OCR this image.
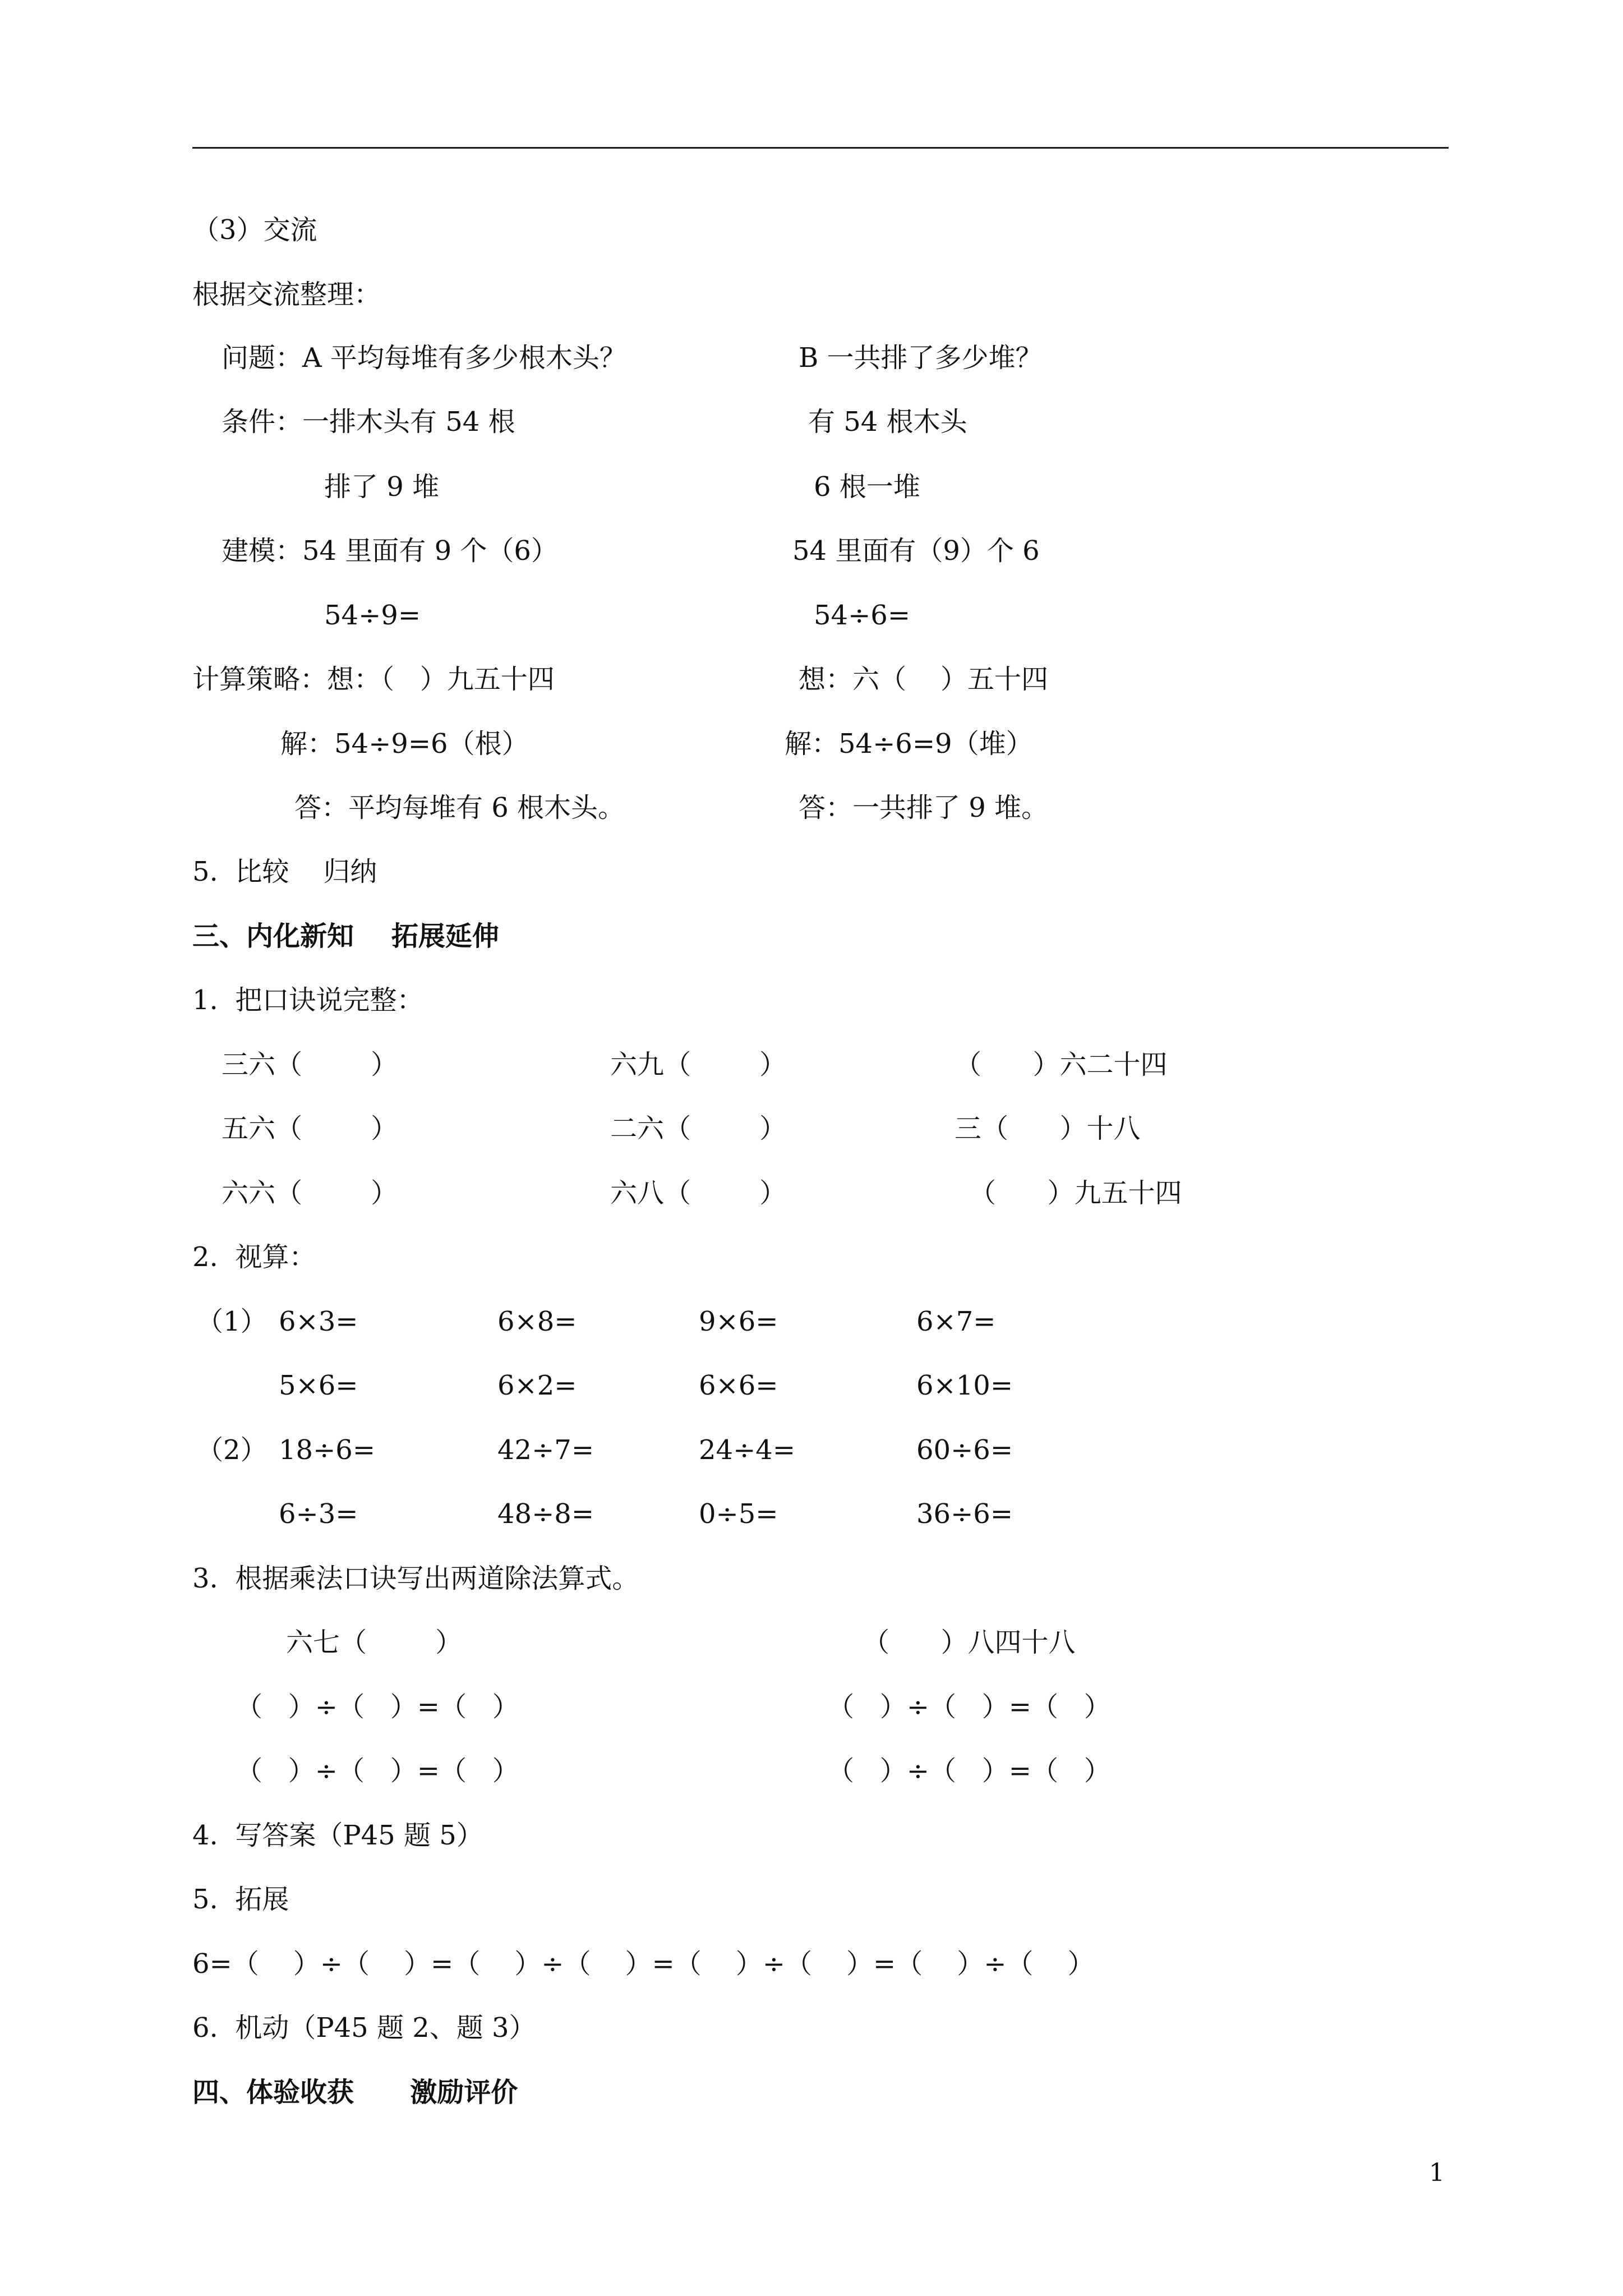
（3）交流
根据交流整理：
问题：A 平均每堆有多少根木头？	B 一共排了多少堆？
条件：一排木头有 54 根	有 54 根木头
排了 9 堆	6 根一堆
建模：54 里面有 9 个（6）	54 里面有（9）个 6
54÷9=	54÷6=
计算策略：想：（   ）九五十四	想：六（    ）五十四
解：54÷9=6（根）	解：54÷6=9（堆）
答：平均每堆有 6 根木头。	答：一共排了 9 堆。
5.  比较    归纳
三、内化新知    拓展延伸
1.  把口诀说完整：
三六（        ）	六九（        ）	（      ）六二十四
五六（        ）	二六（        ）	三（      ）十八
六六（        ）	六八（        ）	（      ）九五十四
2.  视算：
（1） 6×3=	6×8=	9×6=	6×7=
5×6=	6×2=	6×6=	6×10=
（2） 18÷6=	42÷7=	24÷4=	60÷6=
6÷3=	48÷8=	0÷5=	36÷6=
3.  根据乘法口诀写出两道除法算式。
六七（        ）	（      ）八四十八
（   ）÷（   ）=（   ）	（   ）÷（   ）=（   ）
（   ）÷（   ）=（   ）	（   ）÷（   ）=（   ）
4.  写答案（P45 题 5）
5.  拓展
6=（    ）÷（    ）=（    ）÷（    ）=（    ）÷（    ）=（    ）÷（    ）
6.  机动（P45 题 2、题 3）
四、体验收获      激励评价
1
